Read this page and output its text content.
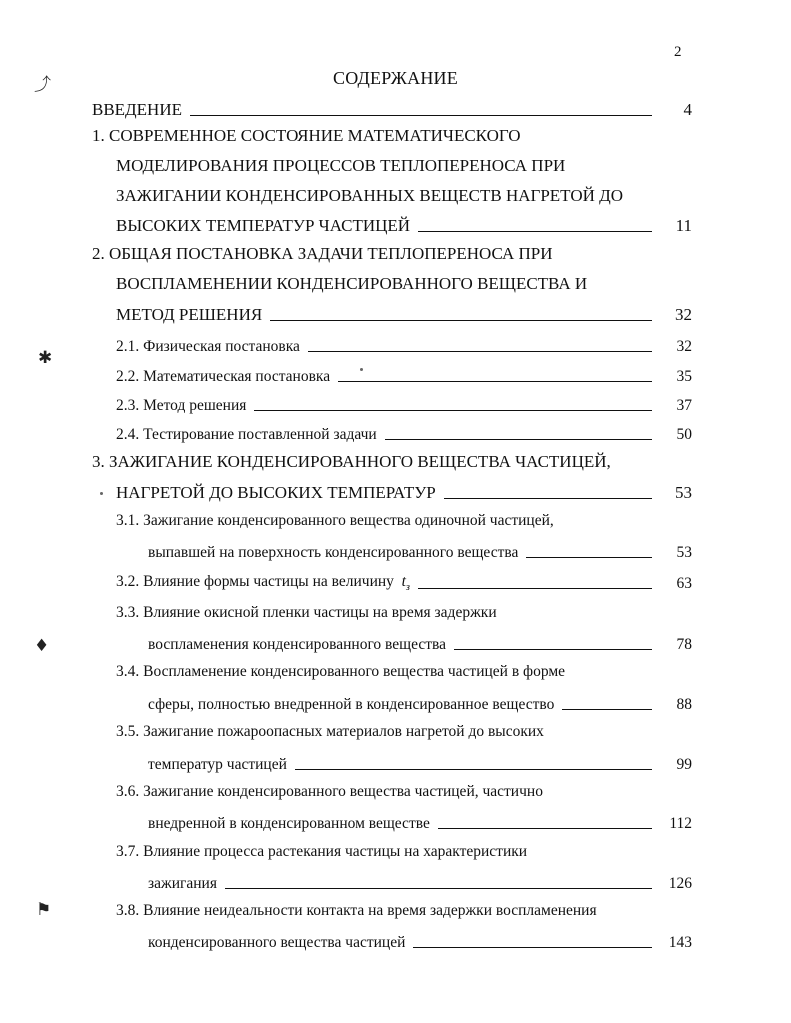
2
СОДЕРЖАНИЕ
⤴
✱
♦
⚑
ВВЕДЕНИЕ	4
1. СОВРЕМЕННОЕ СОСТОЯНИЕ МАТЕМАТИЧЕСКОГО
МОДЕЛИРОВАНИЯ ПРОЦЕССОВ ТЕПЛОПЕРЕНОСА ПРИ
ЗАЖИГАНИИ КОНДЕНСИРОВАННЫХ ВЕЩЕСТВ НАГРЕТОЙ ДО
ВЫСОКИХ ТЕМПЕРАТУР ЧАСТИЦЕЙ	11
2. ОБЩАЯ ПОСТАНОВКА ЗАДАЧИ ТЕПЛОПЕРЕНОСА ПРИ
ВОСПЛАМЕНЕНИИ КОНДЕНСИРОВАННОГО ВЕЩЕСТВА И
МЕТОД РЕШЕНИЯ	32
2.1. Физическая постановка	32
2.2. Математическая постановка	35
2.3. Метод решения	37
2.4. Тестирование поставленной задачи	50
3. ЗАЖИГАНИЕ КОНДЕНСИРОВАННОГО ВЕЩЕСТВА ЧАСТИЦЕЙ,
НАГРЕТОЙ ДО ВЫСОКИХ ТЕМПЕРАТУР	53
3.1. Зажигание конденсированного вещества одиночной частицей,
выпавшей на поверхность конденсированного вещества	53
3.2. Влияние формы частицы на величину $t_з$	63
3.3. Влияние окисной пленки частицы на время задержки
воспламенения конденсированного вещества	78
3.4. Воспламенение конденсированного вещества частицей в форме
сферы, полностью внедренной в конденсированное вещество	88
3.5. Зажигание пожароопасных материалов нагретой до высоких
температур частицей	99
3.6. Зажигание конденсированного вещества частицей, частично
внедренной в конденсированном веществе	112
3.7. Влияние процесса растекания частицы на характеристики
зажигания	126
3.8. Влияние неидеальности контакта на время задержки воспламенения
конденсированного вещества частицей	143
